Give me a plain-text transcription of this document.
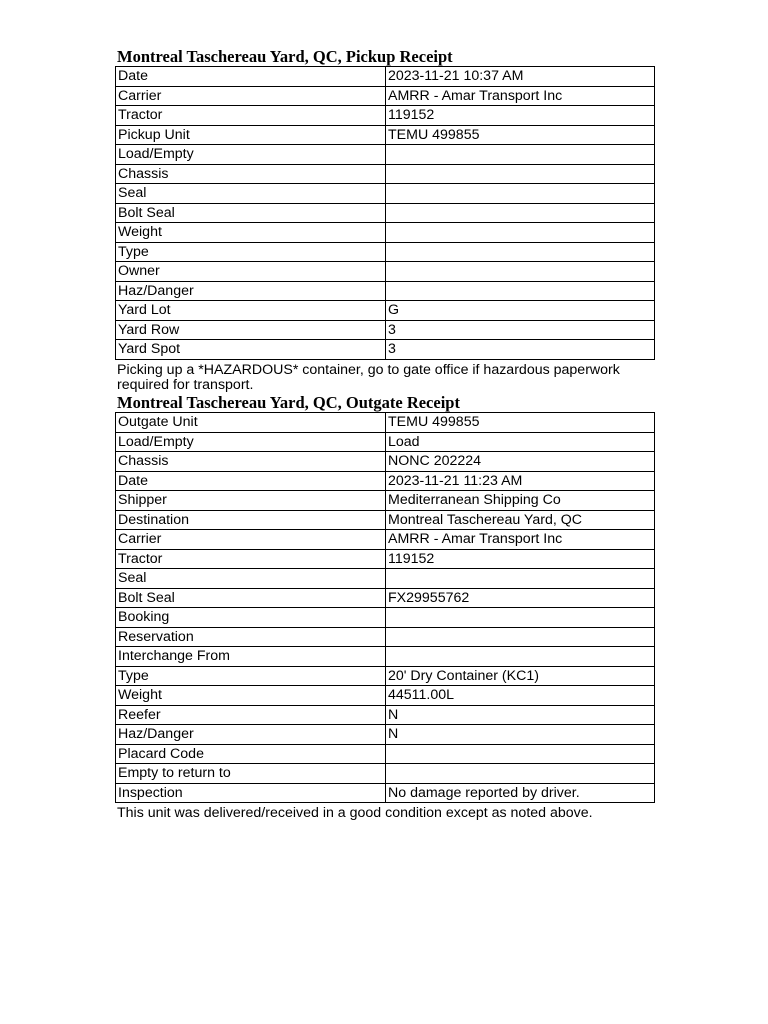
Montreal Taschereau Yard, QC, Pickup Receipt
Date	2023-11-21 10:37 AM
Carrier	AMRR - Amar Transport Inc
Tractor	119152
Pickup Unit	TEMU 499855
Load/Empty	
Chassis	
Seal	
Bolt Seal	
Weight	
Type	
Owner	
Haz/Danger	
Yard Lot	G
Yard Row	3
Yard Spot	3
Picking up a *HAZARDOUS* container, go to gate office if hazardous paperwork required for transport.
Montreal Taschereau Yard, QC, Outgate Receipt
Outgate Unit	TEMU 499855
Load/Empty	Load
Chassis	NONC 202224
Date	2023-11-21 11:23 AM
Shipper	Mediterranean Shipping Co
Destination	Montreal Taschereau Yard, QC
Carrier	AMRR - Amar Transport Inc
Tractor	119152
Seal	
Bolt Seal	FX29955762
Booking	
Reservation	
Interchange From	
Type	20' Dry Container (KC1)
Weight	44511.00L
Reefer	N
Haz/Danger	N
Placard Code	
Empty to return to	
Inspection	No damage reported by driver.
This unit was delivered/received in a good condition except as noted above.
